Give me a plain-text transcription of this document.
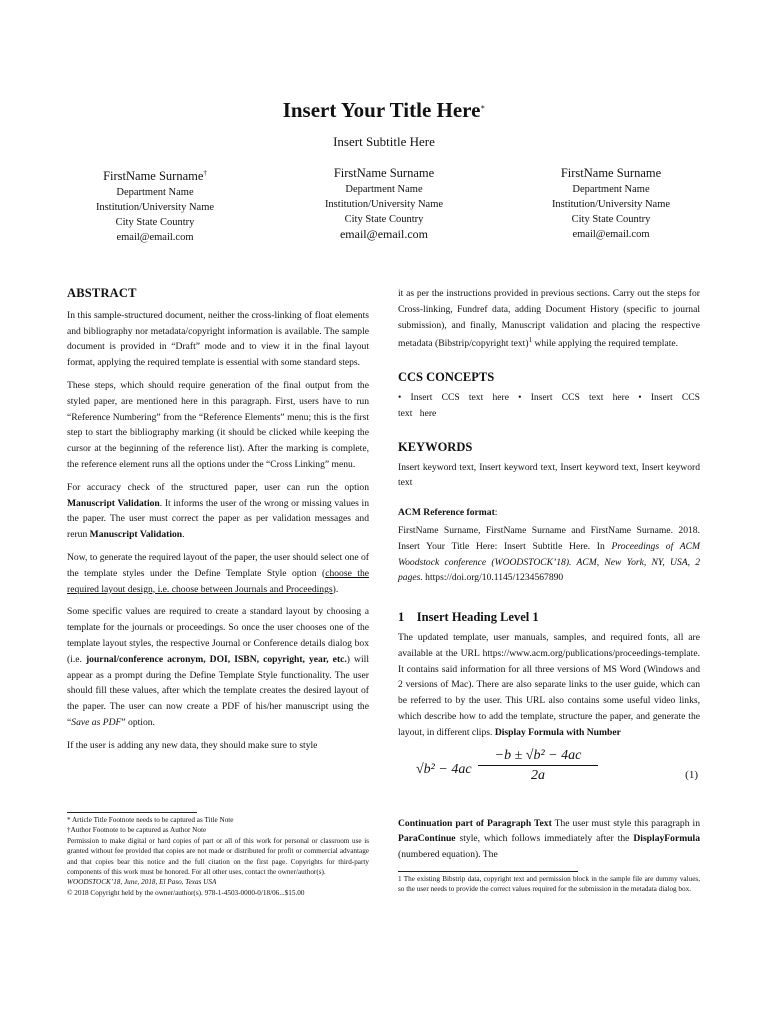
Insert Your Title Here∗
Insert Subtitle Here
FirstName Surname†
Department Name
Institution/University Name
City State Country
email@email.com
FirstName Surname
Department Name
Institution/University Name
City State Country
email@email.com
FirstName Surname
Department Name
Institution/University Name
City State Country
email@email.com
ABSTRACT

In this sample-structured document, neither the cross-linking of float elements and bibliography nor metadata/copyright information is available. The sample document is provided in “Draft” mode and to view it in the final layout format, applying the required template is essential with some standard steps.

These steps, which should require generation of the final output from the styled paper, are mentioned here in this paragraph. First, users have to run “Reference Numbering” from the “Reference Elements” menu; this is the first step to start the bibliography marking (it should be clicked while keeping the cursor at the beginning of the reference list). After the marking is complete, the reference element runs all the options under the “Cross Linking” menu.

For accuracy check of the structured paper, user can run the option Manuscript Validation. It informs the user of the wrong or missing values in the paper. The user must correct the paper as per validation messages and rerun Manuscript Validation.

Now, to generate the required layout of the paper, the user should select one of the template styles under the Define Template Style option (choose the required layout design, i.e. choose between Journals and Proceedings).

Some specific values are required to create a standard layout by choosing a template for the journals or proceedings. So once the user chooses one of the template layout styles, the respective Journal or Conference details dialog box (i.e. journal/conference acronym, DOI, ISBN, copyright, year, etc.) will appear as a prompt during the Define Template Style functionality. The user should fill these values, after which the template creates the desired layout of the paper. The user can now create a PDF of his/her manuscript using the “Save as PDF” option.

If the user is adding any new data, they should make sure to style

* Article Title Footnote needs to be captured as Title Note
†Author Footnote to be captured as Author Note
Permission to make digital or hard copies of part or all of this work for personal or classroom use is granted without fee provided that copies are not made or distributed for profit or commercial advantage and that copies bear this notice and the full citation on the first page. Copyrights for third-party components of this work must be honored. For all other uses, contact the owner/author(s).
WOODSTOCK’18, June, 2018, El Paso, Texas USA
© 2018 Copyright held by the owner/author(s). 978-1-4503-0000-0/18/06...$15.00

it as per the instructions provided in previous sections. Carry out the steps for Cross-linking, Fundref data, adding Document History (specific to journal submission), and finally, Manuscript validation and placing the respective metadata (Bibstrip/copyright text)$^1$ while applying the required template.

CCS CONCEPTS

• Insert CCS text here • Insert CCS text here • Insert CCS text here

KEYWORDS

Insert keyword text, Insert keyword text, Insert keyword text, Insert keyword text

ACM Reference format:

FirstName Surname, FirstName Surname and FirstName Surname. 2018. Insert Your Title Here: Insert Subtitle Here. In Proceedings of ACM Woodstock conference (WOODSTOCK’18). ACM, New York, NY, USA, 2 pages. https://doi.org/10.1145/1234567890

1 Insert Heading Level 1

The updated template, user manuals, samples, and required fonts, all are available at the URL https://www.acm.org/publications/proceedings-template. It contains said information for all three versions of MS Word (Windows and 2 versions of Mac). There are also separate links to the user guide, which can be referred to by the user. This URL also contains some useful video links, which describe how to add the template, structure the paper, and generate the layout, in different clips. Display Formula with Number

$√b^2 - 4ac \frac{\text{−b ± √b² − 4ac}}{2a}$	(1)

Continuation part of Paragraph Text The user must style this paragraph in ParaContinue style, which follows immediately after the DisplayFormula (numbered equation). The

1 The existing Bibstrip data, copyright text and permission block in the sample file are dummy values, so the user needs to provide the correct values required for the submission in the metadata dialog box.
